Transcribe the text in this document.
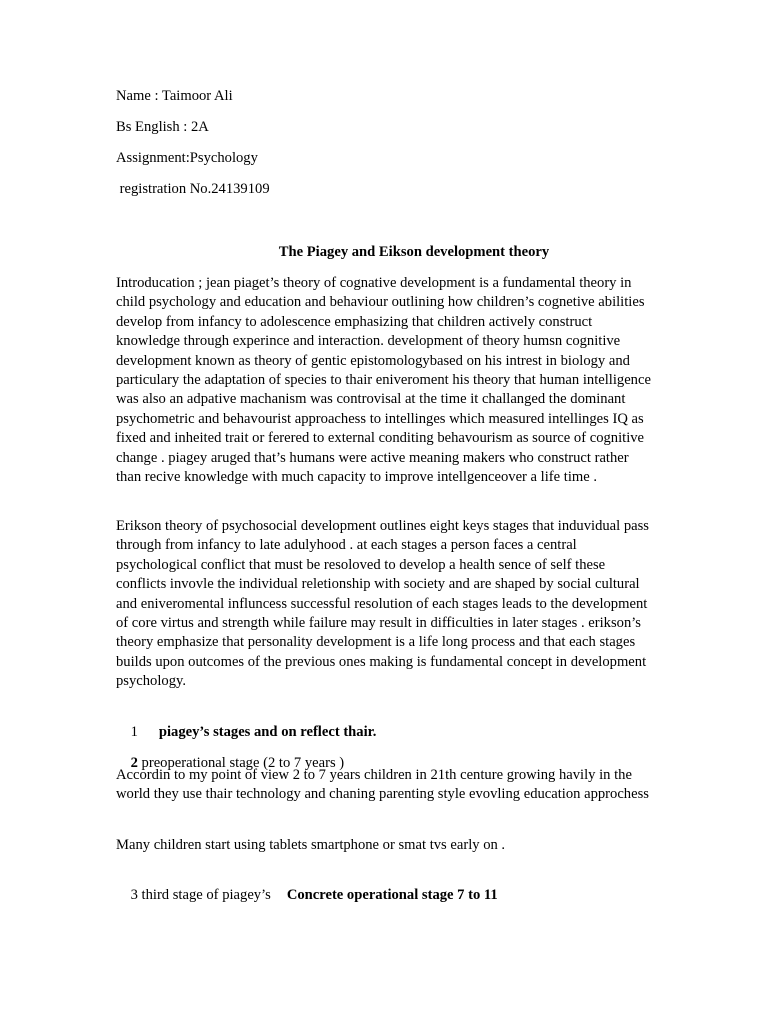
Name : Taimoor Ali
Bs English : 2A
Assignment:Psychology
registration No.24139109
The Piagey and Eikson development theory
Introducation ; jean piaget’s theory of cognative development is a fundamental theory in child psychology and education and behaviour outlining how children’s cognetive abilities develop from infancy to adolescence emphasizing that children actively construct knowledge through experince and interaction. development of theory humsn cognitive development known as theory of gentic epistomologybased on his intrest in biology and particulary the adaptation of species to thair eniveroment his theory that human intelligence was also an adpative machanism was controvisal at the time it challanged the dominant psychometric and behavourist approachess to intellinges which measured intellinges IQ as fixed and inheited trait or ferered to external conditing behavourism as source of cognitive change . piagey aruged that’s humans were active meaning makers who construct rather than recive knowledge with much capacity to improve intellgenceover a life time .
Erikson theory of psychosocial development outlines eight keys stages that induvidual pass through from infancy to late adulyhood . at each stages a person faces a central psychological conflict that must be resoloved to develop a health sence of self these conflicts invovle the individual reletionship with society and are shaped by social cultural and eniveromental influncess successful resolution of each stages leads to the development of core virtus and strength while failure may result in difficulties in later stages . erikson’s theory emphasize that personality development is a life long process and that each stages builds upon outcomes of the previous ones making is fundamental concept in development psychology.

1 piagey’s stages and on reflect thair.

2 preoperational stage (2 to 7 years )

Accordin to my point of view 2 to 7 years children in 21th centure growing havily in the world they use thair technology and chaning parenting style evovling education approchess
Many children start using tablets smartphone or smat tvs early on .

3 third stage of piagey’s Concrete operational stage 7 to 11
